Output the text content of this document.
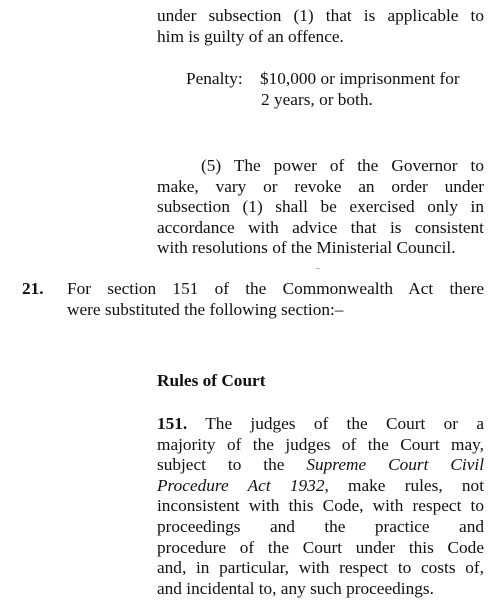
under subsection (1) that is applicable to
him is guilty of an offence.
Penalty: $10,000 or imprisonment for
2 years, or both.
(5) The power of the Governor to
make, vary or revoke an order under
subsection (1) shall be exercised only in
accordance with advice that is consistent
with resolutions of the Ministerial Council.
21. For section 151 of the Commonwealth Act there
were substituted the following section:–
Rules of Court
151. The judges of the Court or a
majority of the judges of the Court may,
subject to the Supreme Court Civil
Procedure Act 1932, make rules, not
inconsistent with this Code, with respect to
proceedings and the practice and
procedure of the Court under this Code
and, in particular, with respect to costs of,
and incidental to, any such proceedings.
